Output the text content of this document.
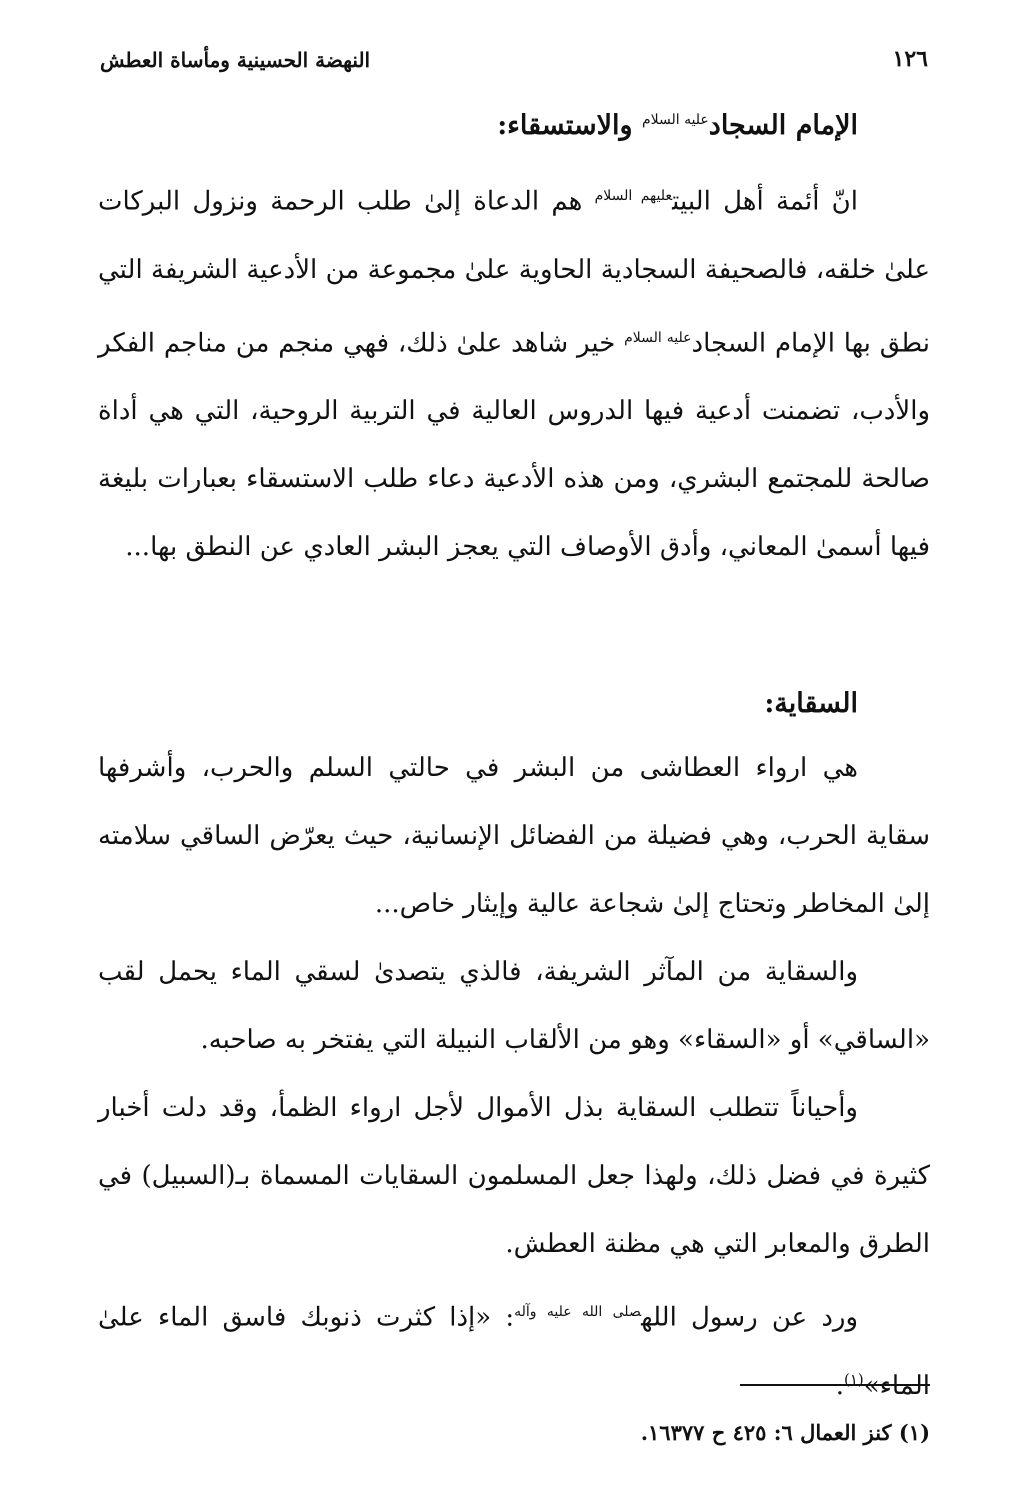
١٢٦
النهضة الحسينية ومأساة العطش
الإمام السجاد$^{عليه السلام}$ والاستسقاء:

انّ أئمة أهل البيت$^{عليهم السلام}$ هم الدعاة إلىٰ طلب الرحمة ونزول البركات علىٰ خلقه، فالصحيفة السجادية الحاوية علىٰ مجموعة من الأدعية الشريفة التي نطق بها الإمام السجاد$^{عليه السلام}$ خير شاهد علىٰ ذلك، فهي منجم من مناجم الفكر والأدب، تضمنت أدعية فيها الدروس العالية في التربية الروحية، التي هي أداة صالحة للمجتمع البشري، ومن هذه الأدعية دعاء طلب الاستسقاء بعبارات بليغة فيها أسمىٰ المعاني، وأدق الأوصاف التي يعجز البشر العادي عن النطق بها...

السقاية:

هي ارواء العطاشى من البشر في حالتي السلم والحرب، وأشرفها سقاية الحرب، وهي فضيلة من الفضائل الإنسانية، حيث يعرّض الساقي سلامته إلىٰ المخاطر وتحتاج إلىٰ شجاعة عالية وإيثار خاص...

والسقاية من المآثر الشريفة، فالذي يتصدىٰ لسقي الماء يحمل لقب «الساقي» أو «السقاء» وهو من الألقاب النبيلة التي يفتخر به صاحبه.

وأحياناً تتطلب السقاية بذل الأموال لأجل ارواء الظمأ، وقد دلت أخبار كثيرة في فضل ذلك، ولهذا جعل المسلمون السقايات المسماة بـ(السبيل) في الطرق والمعابر التي هي مظنة العطش.

ورد عن رسول الله$^{صلى الله عليه وآله}$: «إذا كثرت ذنوبك فاسق الماء علىٰ الماء»$^{(١)}$.

(١) كنز العمال ٦: ٤٢٥ ح ١٦٣٧٧.
